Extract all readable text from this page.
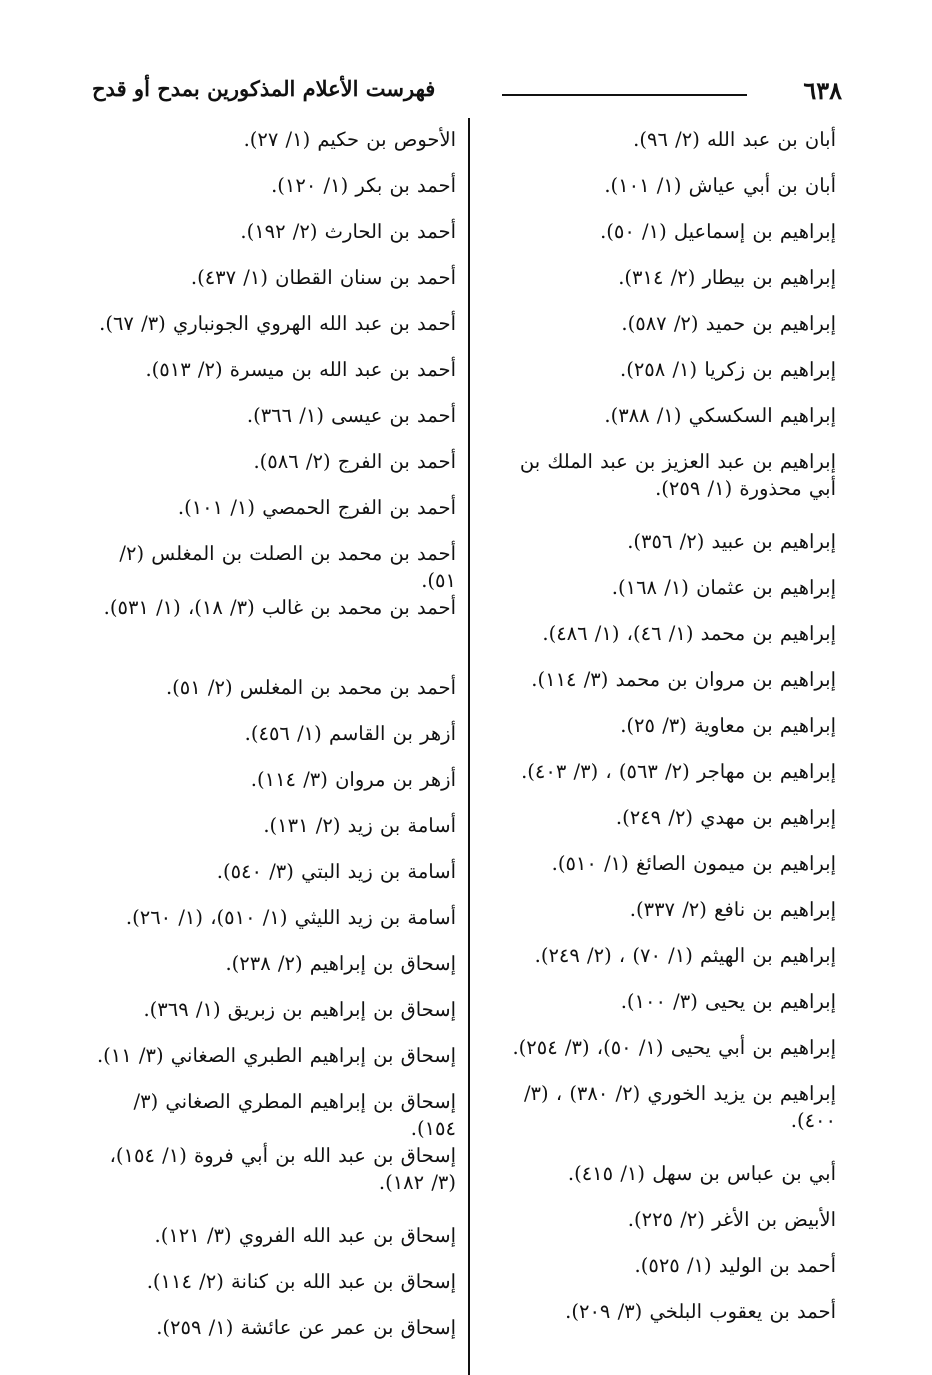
٦٣٨
فهرست الأعلام المذكورين بمدح أو قدح
أبان بن عبد الله (٢/ ٩٦).
أبان بن أبي عياش (١/ ١٠١).
إبراهيم بن إسماعيل (١/ ٥٠).
إبراهيم بن بيطار (٢/ ٣١٤).
إبراهيم بن حميد (٢/ ٥٨٧).
إبراهيم بن زكريا (١/ ٢٥٨).
إبراهيم السكسكي (١/ ٣٨٨).
إبراهيم بن عبد العزيز بن عبد الملك بن أبي محذورة (١/ ٢٥٩).
إبراهيم بن عبيد (٢/ ٣٥٦).
إبراهيم بن عثمان (١/ ١٦٨).
إبراهيم بن محمد (١/ ٤٦)، (١/ ٤٨٦).
إبراهيم بن مروان بن محمد (٣/ ١١٤).
إبراهيم بن معاوية (٣/ ٢٥).
إبراهيم بن مهاجر (٢/ ٥٦٣) ، (٣/ ٤٠٣).
إبراهيم بن مهدي (٢/ ٢٤٩).
إبراهيم بن ميمون الصائغ (١/ ٥١٠).
إبراهيم بن نافع (٢/ ٣٣٧).
إبراهيم بن الهيثم (١/ ٧٠) ، (٢/ ٢٤٩).
إبراهيم بن يحيى (٣/ ١٠٠).
إبراهيم بن أبي يحيى (١/ ٥٠)، (٣/ ٢٥٤).
إبراهيم بن يزيد الخوري (٢/ ٣٨٠) ، (٣/ ٤٠٠).
أبي بن عباس بن سهل (١/ ٤١٥).
الأبيض بن الأغر (٢/ ٢٢٥).
أحمد بن الوليد (١/ ٥٢٥).
أحمد بن يعقوب البلخي (٣/ ٢٠٩).
الأحوص بن حكيم (١/ ٢٧).
أحمد بن بكر (١/ ١٢٠).
أحمد بن الحارث (٢/ ١٩٢).
أحمد بن سنان القطان (١/ ٤٣٧).
أحمد بن عبد الله الهروي الجونباري (٣/ ٦٧).
أحمد بن عبد الله بن ميسرة (٢/ ٥١٣).
أحمد بن عيسى (١/ ٣٦٦).
أحمد بن الفرج (٢/ ٥٨٦).
أحمد بن الفرج الحمصي (١/ ١٠١).
أحمد بن محمد بن الصلت بن المغلس (٢/ ٥١).
أحمد بن محمد بن غالب (٣/ ١٨)، (١/ ٥٣١).
أحمد بن محمد بن المغلس (٢/ ٥١).
أزهر بن القاسم (١/ ٤٥٦).
أزهر بن مروان (٣/ ١١٤).
أسامة بن زيد (٢/ ١٣١).
أسامة بن زيد البتي (٣/ ٥٤٠).
أسامة بن زيد الليثي (١/ ٥١٠)، (١/ ٢٦٠).
إسحاق بن إبراهيم (٢/ ٢٣٨).
إسحاق بن إبراهيم بن زبريق (١/ ٣٦٩).
إسحاق بن إبراهيم الطبري الصغاني (٣/ ١١).
إسحاق بن إبراهيم المطري الصغاني (٣/ ١٥٤).
إسحاق بن عبد الله بن أبي فروة (١/ ١٥٤)، (٣/ ١٨٢).
إسحاق بن عبد الله الفروي (٣/ ١٢١).
إسحاق بن عبد الله بن كنانة (٢/ ١١٤).
إسحاق بن عمر عن عائشة (١/ ٢٥٩).
